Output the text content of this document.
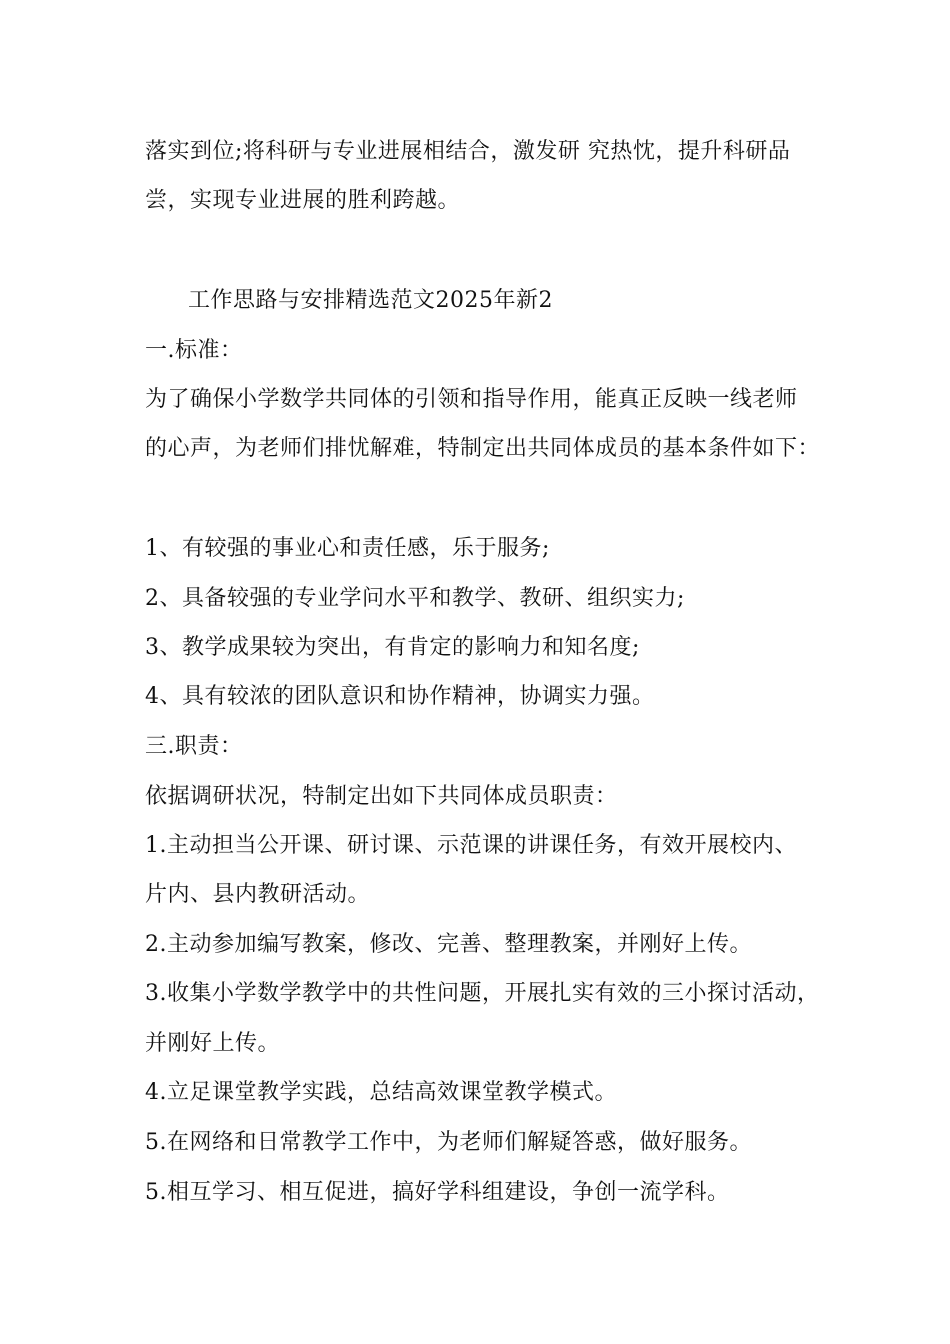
落实到位;将科研与专业进展相结合，激发研 究热忱，提升科研品
尝，实现专业进展的胜利跨越。
工作思路与安排精选范文2025年新2
一.标准：
为了确保小学数学共同体的引领和指导作用，能真正反映一线老师
的心声，为老师们排忧解难，特制定出共同体成员的基本条件如下：
1、有较强的事业心和责任感，乐于服务;
2、具备较强的专业学问水平和教学、教研、组织实力;
3、教学成果较为突出，有肯定的影响力和知名度;
4、具有较浓的团队意识和协作精神，协调实力强。
三.职责：
依据调研状况，特制定出如下共同体成员职责：
1.主动担当公开课、研讨课、示范课的讲课任务，有效开展校内、
片内、县内教研活动。
2.主动参加编写教案，修改、完善、整理教案，并刚好上传。
3.收集小学数学教学中的共性问题，开展扎实有效的三小探讨活动，
并刚好上传。
4.立足课堂教学实践，总结高效课堂教学模式。
5.在网络和日常教学工作中，为老师们解疑答惑，做好服务。
5.相互学习、相互促进，搞好学科组建设，争创一流学科。
